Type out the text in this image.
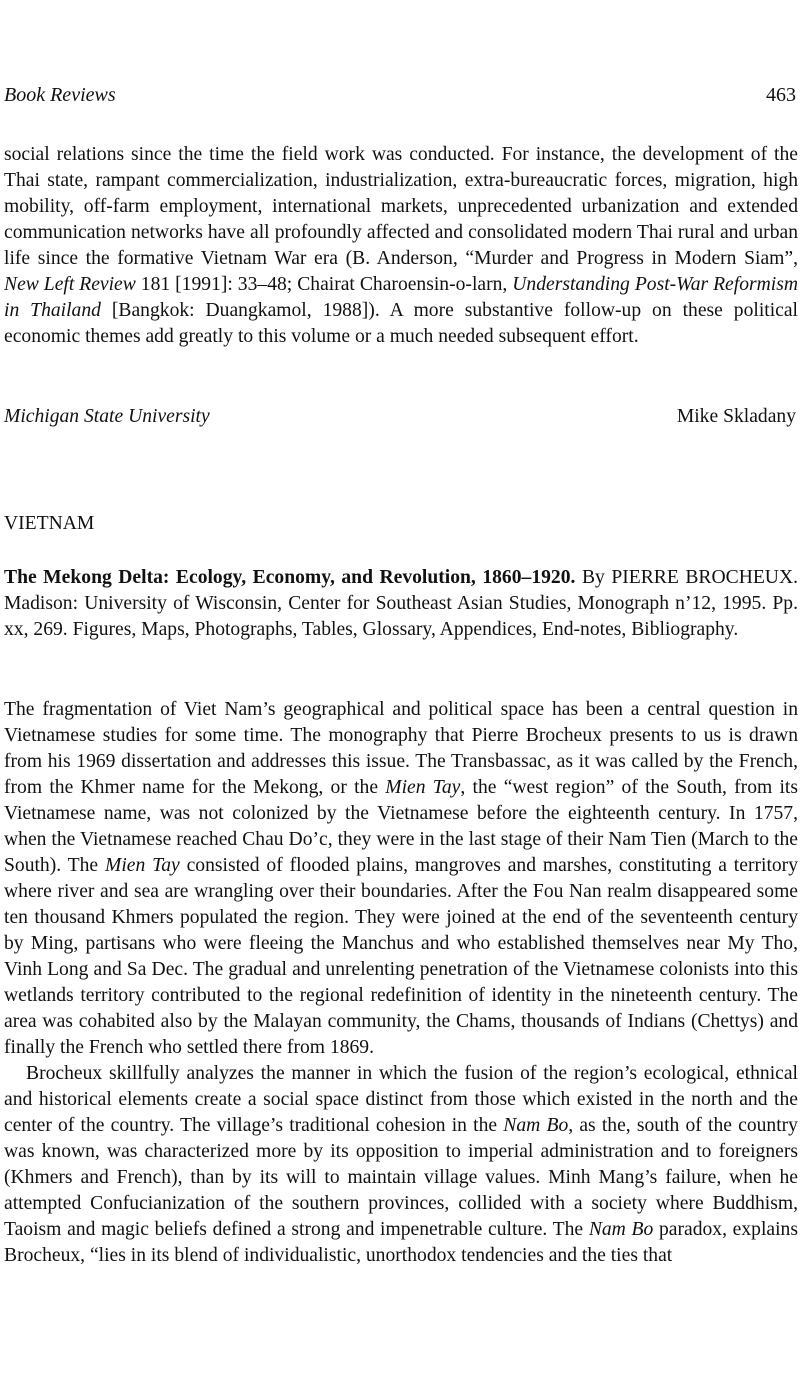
Book Reviews	463

social relations since the time the field work was conducted. For instance, the development of the Thai state, rampant commercialization, industrialization, extra-bureaucratic forces, migration, high mobility, off-farm employment, international markets, unprecedented urbanization and extended communication networks have all profoundly affected and consolidated modern Thai rural and urban life since the formative Vietnam War era (B. Anderson, “Murder and Progress in Modern Siam”, New Left Review 181 [1991]: 33–48; Chairat Charoensin-o-larn, Understanding Post-War Reformism in Thailand [Bangkok: Duangkamol, 1988]). A more substantive follow-up on these political economic themes add greatly to this volume or a much needed subsequent effort.

Michigan State University	Mike Skladany
VIETNAM

The Mekong Delta: Ecology, Economy, and Revolution, 1860–1920. By PIERRE BROCHEUX. Madison: University of Wisconsin, Center for Southeast Asian Studies, Monograph n’12, 1995. Pp. xx, 269. Figures, Maps, Photographs, Tables, Glossary, Appendices, End-notes, Bibliography.

The fragmentation of Viet Nam’s geographical and political space has been a central question in Vietnamese studies for some time. The monography that Pierre Brocheux presents to us is drawn from his 1969 dissertation and addresses this issue. The Transbassac, as it was called by the French, from the Khmer name for the Mekong, or the Mien Tay, the “west region” of the South, from its Vietnamese name, was not colonized by the Vietnamese before the eighteenth century. In 1757, when the Vietnamese reached Chau Do’c, they were in the last stage of their Nam Tien (March to the South). The Mien Tay consisted of flooded plains, mangroves and marshes, constituting a territory where river and sea are wrangling over their boundaries. After the Fou Nan realm disappeared some ten thousand Khmers populated the region. They were joined at the end of the seventeenth century by Ming, partisans who were fleeing the Manchus and who established themselves near My Tho, Vinh Long and Sa Dec. The gradual and unrelenting penetration of the Vietnamese colonists into this wetlands territory contributed to the regional redefinition of identity in the nineteenth century. The area was cohabited also by the Malayan community, the Chams, thousands of Indians (Chettys) and finally the French who settled there from 1869.

Brocheux skillfully analyzes the manner in which the fusion of the region’s ecological, ethnical and historical elements create a social space distinct from those which existed in the north and the center of the country. The village’s traditional cohesion in the Nam Bo, as the, south of the country was known, was characterized more by its opposition to imperial administration and to foreigners (Khmers and French), than by its will to maintain village values. Minh Mang’s failure, when he attempted Confucianization of the southern provinces, collided with a society where Buddhism, Taoism and magic beliefs defined a strong and impenetrable culture. The Nam Bo paradox, explains Brocheux, “lies in its blend of individualistic, unorthodox tendencies and the ties that
